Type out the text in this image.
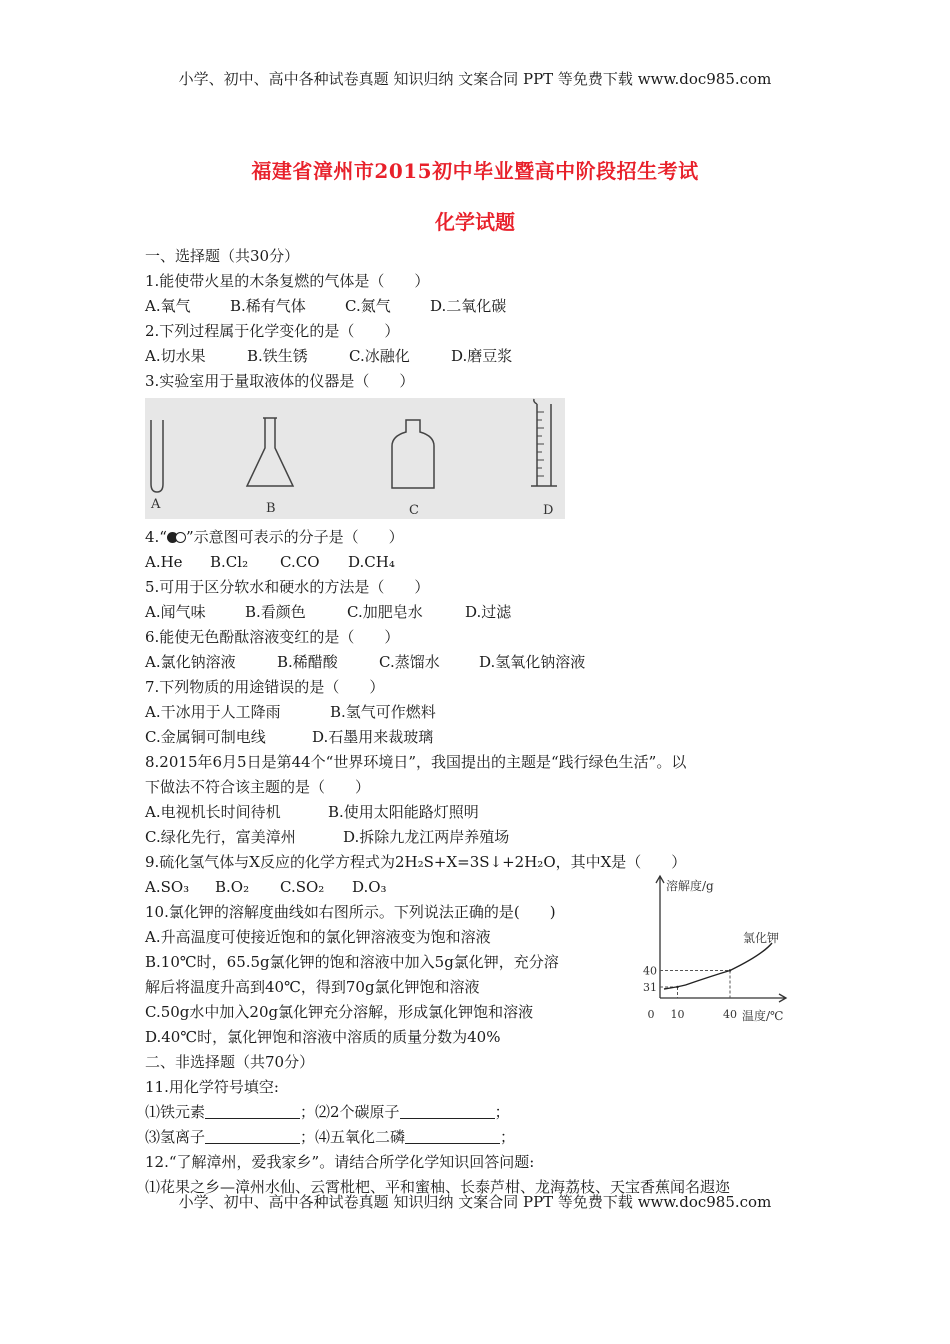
小学、初中、高中各种试卷真题 知识归纳 文案合同 PPT 等免费下载 www.doc985.com
福建省漳州市2015初中毕业暨高中阶段招生考试
化学试题
一、选择题（共30分）
1.能使带火星的木条复燃的气体是（　　）
A.氧气	B.稀有气体	C.氮气	D.二氧化碳
2.下列过程属于化学变化的是（　　）
A.切水果	B.铁生锈	C.冰融化	D.磨豆浆
3.实验室用于量取液体的仪器是（　　）
A	B	C	D
4.“ ”示意图可表示的分子是（　　）
A.He B.Cl₂ C.CO D.CH₄
5.可用于区分软水和硬水的方法是（　　）
A.闻气味	B.看颜色	C.加肥皂水	D.过滤
6.能使无色酚酞溶液变红的是（　　）
A.氯化钠溶液	B.稀醋酸	C.蒸馏水	D.氢氧化钠溶液
7.下列物质的用途错误的是（　　）
A.干冰用于人工降雨	B.氢气可作燃料
C.金属铜可制电线	D.石墨用来裁玻璃
8.2015年6月5日是第44个“世界环境日”，我国提出的主题是“践行绿色生活”。以
下做法不符合该主题的是（　　）
A.电视机长时间待机	B.使用太阳能路灯照明
C.绿化先行，富美漳州	D.拆除九龙江两岸养殖场
9.硫化氢气体与X反应的化学方程式为2H₂S+X=3S↓+2H₂O，其中X是（　　）
A.SO₃ B.O₂ C.SO₂ D.O₃
10.氯化钾的溶解度曲线如右图所示。下列说法正确的是(　　)
A.升高温度可使接近饱和的氯化钾溶液变为饱和溶液
B.10℃时，65.5g氯化钾的饱和溶液中加入5g氯化钾，充分溶
解后将温度升高到40℃，得到70g氯化钾饱和溶液
C.50g水中加入20g氯化钾充分溶解，形成氯化钾饱和溶液
D.40℃时，氯化钾饱和溶液中溶质的质量分数为40%
二、非选择题（共70分）
11.用化学符号填空:
⑴铁元素	；⑵2个碳原子	；
⑶氢离子	；⑷五氧化二磷	；
12.“了解漳州，爱我家乡”。请结合所学化学知识回答问题:
⑴花果之乡—漳州水仙、云霄枇杷、平和蜜柚、长泰芦柑、龙海荔枝、天宝香蕉闻名遐迩
溶解度/g
温度/℃
31
40
0 10	40
氯化钾
小学、初中、高中各种试卷真题 知识归纳 文案合同 PPT 等免费下载 www.doc985.com
